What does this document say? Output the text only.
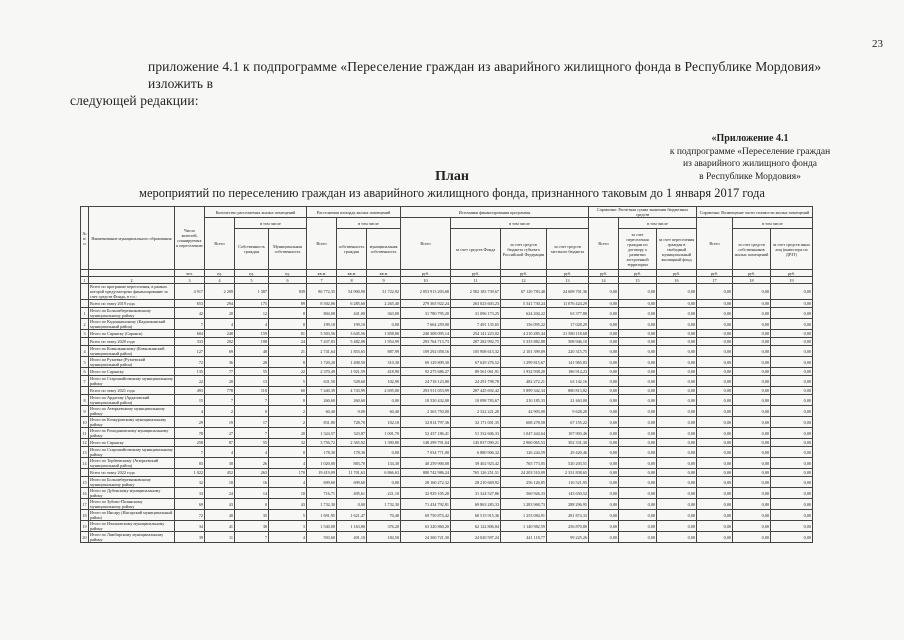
23
приложение 4.1 к подпрограмме «Переселение граждан из аварийного жилищного фонда в Республике Мордовия» изложить в
следующей редакции:
«Приложение 4.1
к подпрограмме «Переселение граждан
из аварийного жилищного фонда
в Республике Мордовия»
План
мероприятий по переселению граждан из аварийного жилищного фонда, признанного таковым до 1 января 2017 года
№ п/п	Наименование муниципального образования	Число жителей, планируемых к переселению	Количество расселяемых жилых помещений			Расселяемая площадь жилых помещений			Источники финансирования программы				Справочно: Расчетная сумма экономии бюджетных средств			Справочно: Возмещение части стоимости жилых помещений		
			Всего	в том числе		Всего	в том числе		Всего	в том числе			Всего	в том числе		Всего	в том числе	
				Собственность граждан	Муниципальная собственность		собственность граждан	муниципальная собственность		за счет средств Фонда	за счет средств бюджета субъекта Российской Федерации	за счет средств местного бюджета		за счет переселения граждан по договору о развитии застроенной территории	за счет переселения граждан в свободный муниципальный жилищный фонд		за счет средств собственников жилых помещений	за счет средств иных лиц (инвестора по ДРЗТ)
		чел.	ед.	ед.	ед.	кв.м	кв.м	кв.м	руб.	руб.	руб.	руб.	руб.	руб.	руб.	руб.	руб.	руб.
1	2	3	4	5	6	7	8	9	10	11	12	13	14	15	16	17	18	19
	Всего по программе переселения, в рамках которой предусмотрено финансирование за счет средств Фонда, в т.ч.:	4 917	2 209	1 387	839	86 772,35	54 900,90	31 722,92	2 853 913 203,68	2 582 183 739,67	67 120 783,40	24 608 701,36	0,00	0,00	0,00	0,00	0,00	0,00
	Всего по этапу 2019 года	653	294	175	89	8 502,06	6 285,60	2 265,40	279 365 922,24	263 023 603,23	5 341 730,24	11 076 424,29	0,00	0,00	0,00	0,00	0,00	0,00
1	Итого по Большеберезниковскому муниципальному району	42	20	12	8	804,00	441,00	363,00	31 780 795,20	31 096 173,25	624 204,22	63 377,88	0,00	0,00	0,00	0,00	0,00	0,00
2	Итого по Кадошкинскому (Кадошкинский муниципальный район)	7	4	4	0	199,10	199,10	0,00	7 664 259,00	7 491 135,65	156 095,22	17 028,29	0,00	0,00	0,00	0,00	0,00	0,00
3	Итого по Саранску (Саранск)	604	240	159	81	5 503,56	3 645,56	1 858,00	240 308 095,14	254 141 223,02	4 210 285,44	21 580 118,68	0,00	0,00	0,00	0,00	0,00	0,00
	Всего по этапу 2020 года	333	202	108	24	7 437,03	5 482,08	1 954,99	293 764 713,73	287 282 992,75	5 333 882,88	508 946,10	0,00	0,00	0,00	0,00	0,00	0,00
4	Итого по Ковылкинскому (Ковылкинский муниципальный район)	127	69	48	21	2 741,64	1 853,65	887,99	109 292 058,16	105 908 613,32	2 101 399,09	220 315,75	0,00	0,00	0,00	0,00	0,00	0,00
5	Итого по Рузаевке (Рузаевский муниципальный район)	72	36	28	8	1 720,20	1 408,50	310,30	69 129 809,30	67 629 276,52	1 299 815,67	141 965,83	0,00	0,00	0,00	0,00	0,00	0,00
6	Итого по Саранску	135	77	55	22	2 370,49	1 921,59	418,90	92 275 686,27	89 561 061,91	1 932 938,20	186 914,23	0,00	0,00	0,00	0,00	0,00	0,00
7	Итого по Старошайговскому муниципальному району	22	20	13	5	631,50	528,60	102,90	24 718 123,80	24 291 798,78	482 272,21	63 142,16	0,00	0,00	0,00	0,00	0,00	0,00
	Всего по этапу 2021 года	493	778	118	60	7 440,39	4 743,99	2 695,00	293 911 053,99	287 445 692,42	5 899 342,34	880 813,82	0,00	0,00	0,00	0,00	0,00	0,00
8	Итого по Ардатову (Ардатовский муниципальный район)	15	7	7	0	260,60	260,60	0,00	10 330 432,00	10 098 783,67	210 185,33	21 463,00	0,00	0,00	0,00	0,00	0,00	0,00
9	Итого по Атюрьевскому муниципальному району	4	2	0	2	60,40	0,00	60,40	2 363 750,00	2 322 221,20	42 903,00	9 628,20	0,00	0,00	0,00	0,00	0,00	0,00
10	Итого по Кочкуровскому муниципальному району	29	19	17	2	831,80	728,70	102,10	32 814 797,36	32 171 001,35	608 278,58	67 155,22	0,00	0,00	0,00	0,00	0,00	0,00
11	Итого по Ромодановскому муниципальному району	78	27	7	20	1 324,57	323,87	1 001,70	52 437 186,41	51 332 606,33	1 047 444,64	107 903,46	0,00	0,00	0,00	0,00	0,00	0,00
12	Итого по Саранску	258	87	55	32	3 756,72	2 365,92	1 390,80	148 299 791,04	145 837 090,21	2 960 065,53	302 331,30	0,00	0,00	0,00	0,00	0,00	0,00
13	Итого по Старошайговскому муниципальному району	7	4	4	0	178,30	178,30	0,00	7 034 771,00	6 880 906,32	126 244,59	29 420,46	0,00	0,00	0,00	0,00	0,00	0,00
14	Итого по Торбеевскому (Атюрьевский муниципальный район)	83	30	26	4	1 020,00	883,70	134,30	40 259 900,00	39 402 923,42	765 773,05	520 203,51	0,00	0,00	0,00	0,00	0,00	0,00
	Всего по этапу 2022 года	1 022	452	263	170	19 419,09	11 701,63	6 866,63	800 742 986,24	765 126 251,51	24 203 510,09	2 331 838,65	0,00	0,00	0,00	0,00	0,00	0,00
15	Итого по Большеберезниковскому муниципальному району	32	18	16	4	699,60	699,60	0,00	28 160 272,32	28 210 669,92	256 126,85	116 521,95	0,00	0,00	0,00	0,00	0,00	0,00
16	Итого по Дубенскому муниципальному району	33	24	14	10	716,71	495,61	221,10	32 929 105,20	31 324 527,86	560 926,33	143 650,52	0,00	0,00	0,00	0,00	0,00	0,00
17	Итого по Зубово-Полянскому муниципальному району	69	43	0	43	1 732,30	0,00	1 732,30	71 434 792,81	69 863 283,33	1 283 968,73	288 296,95	0,00	0,00	0,00	0,00	0,00	0,00
18	Итого по Инсару (Инсарский муниципальный район)	72	40	35	5	1 691,95	1 621,47	70,48	69 750 874,42	68 515 915,36	1 253 084,91	281 874,33	0,00	0,00	0,00	0,00	0,00	0,00
19	Итого по Ичалковскому муниципальному району	34	41	38	3	1 540,00	1 163,80	376,20	63 320 860,20	62 122 806,84	1 140 982,59	256 870,80	0,00	0,00	0,00	0,00	0,00	0,00
20	Итого по Лямбирскому муниципальному району	39	11	7	4	593,60	401,10	184,50	24 360 721,30	24 020 597,24	441 118,77	99 225,26	0,00	0,00	0,00	0,00	0,00	0,00
